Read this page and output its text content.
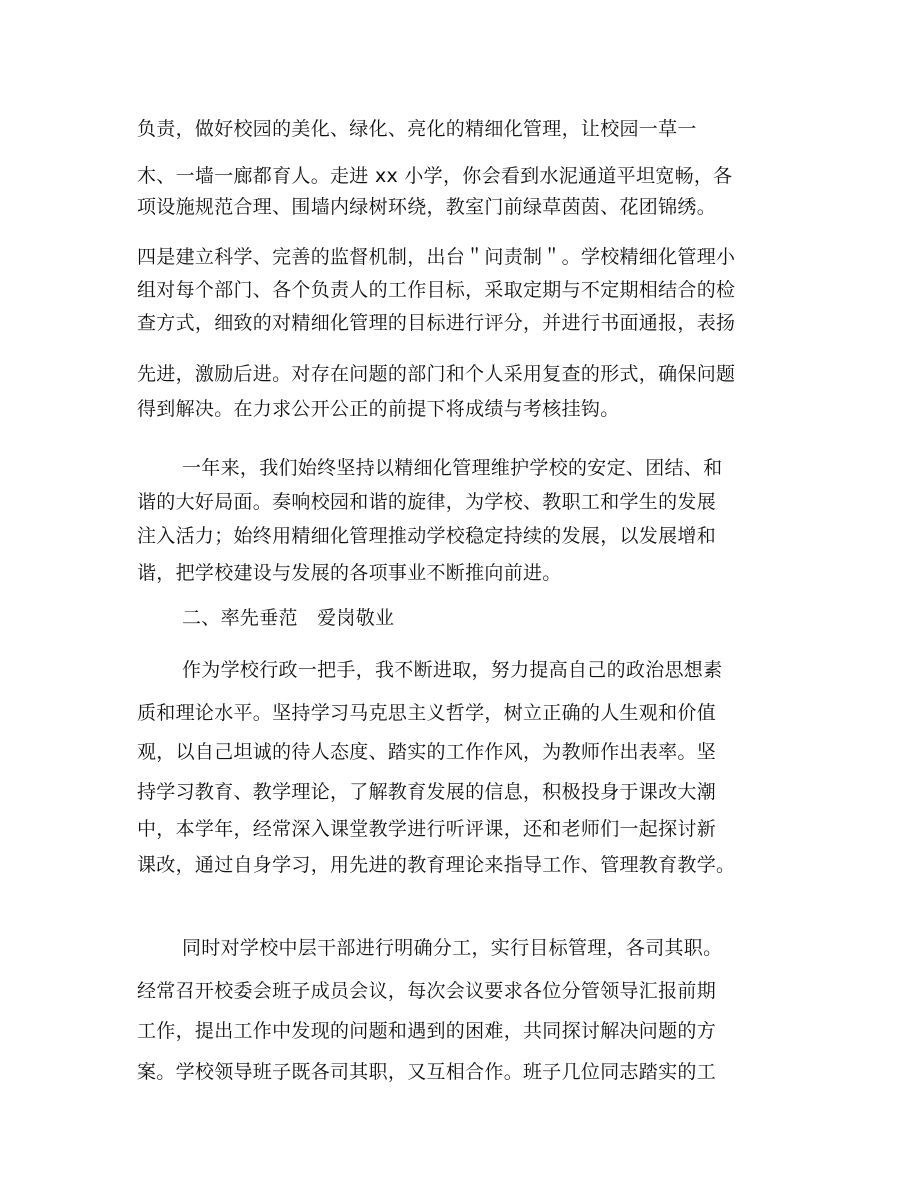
负责，做好校园的美化、绿化、亮化的精细化管理，让校园一草一
木、一墙一廊都育人。走进 xx 小学，你会看到水泥通道平坦宽畅，各
项设施规范合理、围墙内绿树环绕，教室门前绿草茵茵、花团锦绣。
四是建立科学、完善的监督机制，出台＂问责制＂。学校精细化管理小
组对每个部门、各个负责人的工作目标，采取定期与不定期相结合的检
查方式，细致的对精细化管理的目标进行评分，并进行书面通报，表扬
先进，激励后进。对存在问题的部门和个人采用复查的形式，确保问题
得到解决。在力求公开公正的前提下将成绩与考核挂钩。
一年来，我们始终坚持以精细化管理维护学校的安定、团结、和
谐的大好局面。奏响校园和谐的旋律，为学校、教职工和学生的发展
注入活力；始终用精细化管理推动学校稳定持续的发展，以发展增和
谐，把学校建设与发展的各项事业不断推向前进。
二、率先垂范　爱岗敬业
作为学校行政一把手，我不断进取，努力提高自己的政治思想素
质和理论水平。坚持学习马克思主义哲学，树立正确的人生观和价值
观，以自己坦诚的待人态度、踏实的工作作风，为教师作出表率。坚
持学习教育、教学理论，了解教育发展的信息，积极投身于课改大潮
中，本学年，经常深入课堂教学进行听评课，还和老师们一起探讨新
课改，通过自身学习，用先进的教育理论来指导工作、管理教育教学。
同时对学校中层干部进行明确分工，实行目标管理，各司其职。
经常召开校委会班子成员会议，每次会议要求各位分管领导汇报前期
工作，提出工作中发现的问题和遇到的困难，共同探讨解决问题的方
案。学校领导班子既各司其职，又互相合作。班子几位同志踏实的工
